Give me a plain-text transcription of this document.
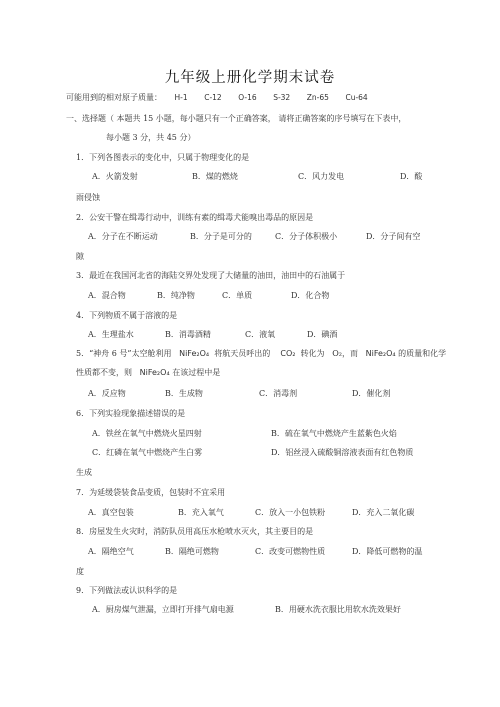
九年级上册化学期末试卷
可能用到的相对原子质量： H-1 C-12 O-16 S-32 Zn-65 Cu-64
一、选择题（ 本题共 15 小题，每小题只有一个正确答案， 请将正确答案的序号填写在下表中，
每小题 3 分，共 45 分）
1．下列各图表示的变化中，只属于物理变化的是
A．火箭发射	B．煤的燃烧	C．风力发电	D．酸
雨侵蚀
2．公安干警在缉毒行动中，训练有素的缉毒犬能嗅出毒品的原因是
A．分子在不断运动	B．分子是可分的	C．分子体积极小	D．分子间有空
隙
3．最近在我国河北省的海陆交界处发现了大储量的油田，油田中的石油属于
A．混合物	B．纯净物	C．单质	D．化合物
4．下列物质不属于溶液的是
A．生理盐水	B．消毒酒精	C．液氧	D．碘酒
5．“神舟 6 号”太空舱利用 NiFe₂O₄ 将航天员呼出的 CO₂ 转化为 O₂，而 NiFe₂O₄ 的质量和化学
性质都不变，则 NiFe₂O₄ 在该过程中是
A．反应物	B．生成物	C．消毒剂	D．催化剂
6．下列实验现象描述错误的是
A．铁丝在氧气中燃烧火星四射	B．硫在氧气中燃烧产生蓝紫色火焰
C．红磷在氧气中燃烧产生白雾	D．铝丝浸入硫酸铜溶液表面有红色物质
生成
7．为延缓袋装食品变质，包装时不宜采用
A．真空包装	B．充入氧气	C．放入一小包铁粉	D．充入二氧化碳
8．房屋发生火灾时，消防队员用高压水枪喷水灭火，其主要目的是
A．隔绝空气	B．隔绝可燃物	C．改变可燃物性质	D．降低可燃物的温
度
9．下列做法或认识科学的是
A．厨房煤气泄漏，立即打开排气扇电源	B．用硬水洗衣服比用软水洗效果好
